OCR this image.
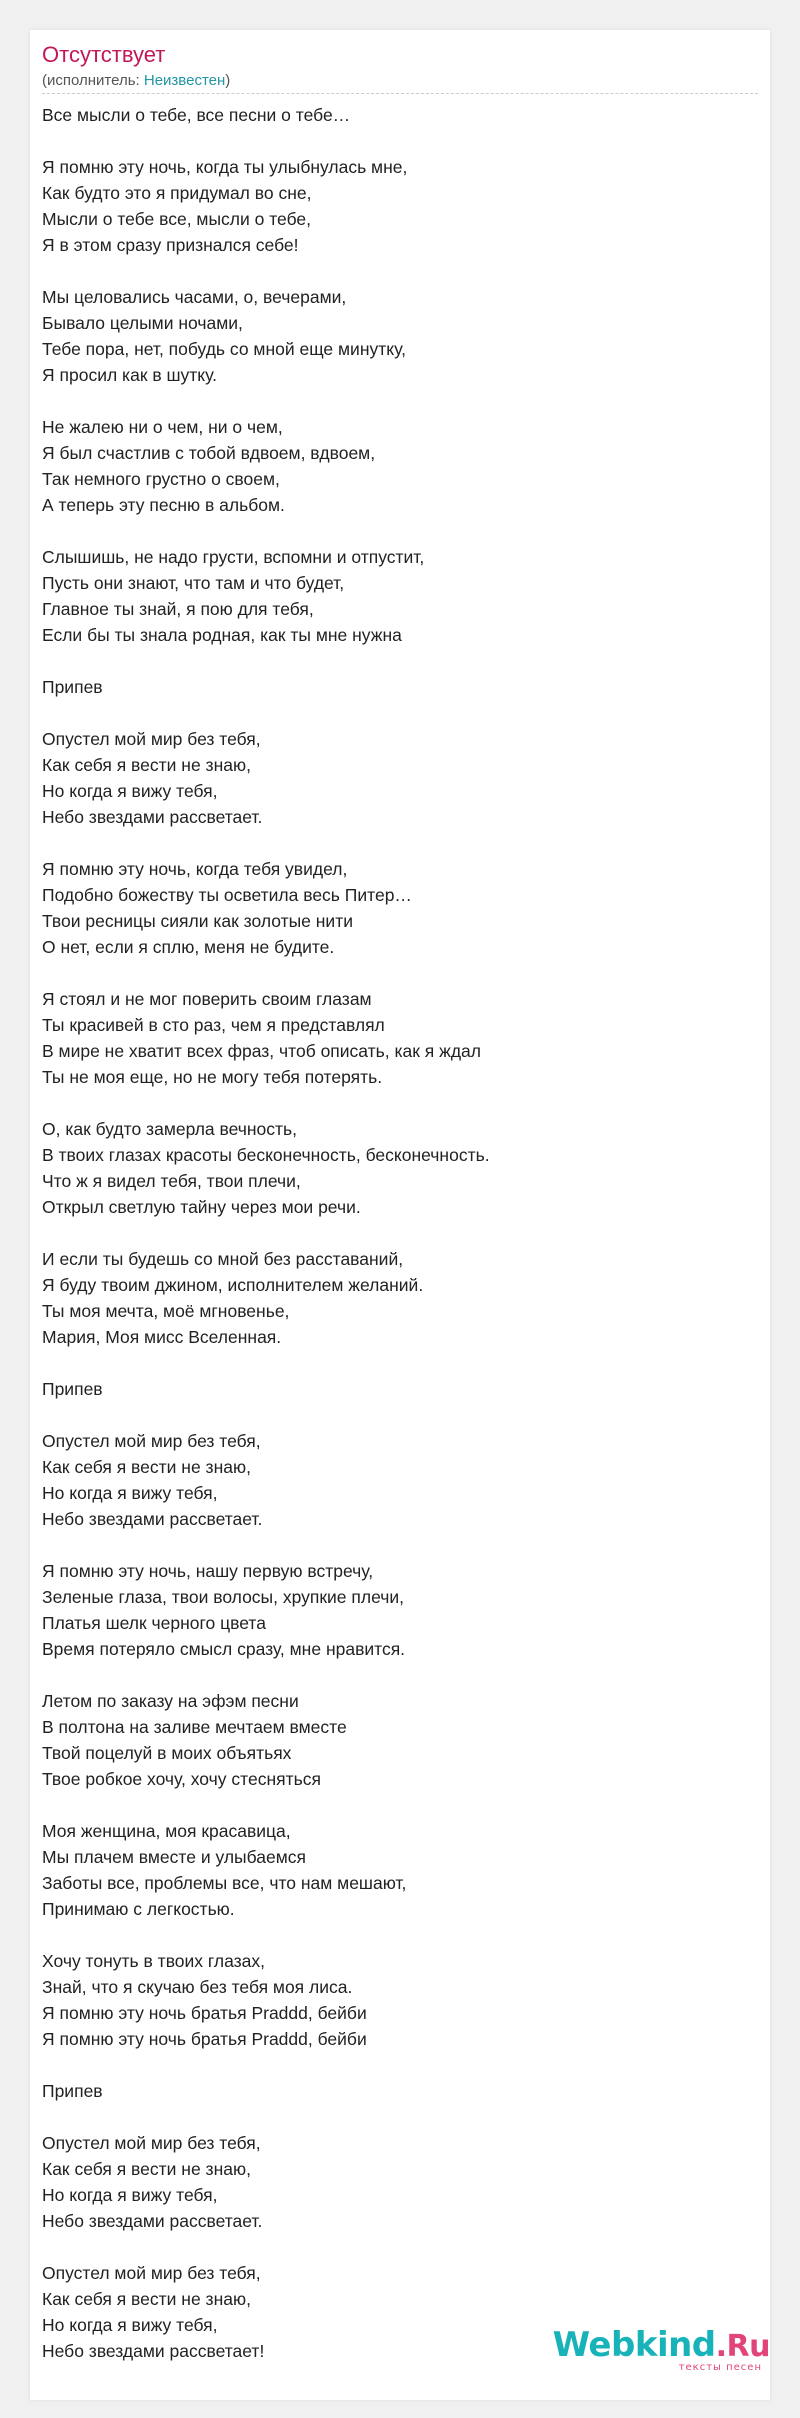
Отсутствует
(исполнитель: Неизвестен)
Все мысли о тебе, все песни о тебе…

Я помню эту ночь, когда ты улыбнулась мне,
Как будто это я придумал во сне,
Мысли о тебе все, мысли о тебе,
Я в этом сразу признался себе!

Мы целовались часами, о, вечерами,
Бывало целыми ночами,
Тебе пора, нет, побудь со мной еще минутку,
Я просил как в шутку.

Не жалею ни о чем, ни о чем,
Я был счастлив с тобой вдвоем, вдвоем,
Так немного грустно о своем,
А теперь эту песню в альбом.

Слышишь, не надо грусти, вспомни и отпустит,
Пусть они знают, что там и что будет,
Главное ты знай, я пою для тебя,
Если бы ты знала родная, как ты мне нужна

Припев

Опустел мой мир без тебя,
Как себя я вести не знаю,
Но когда я вижу тебя,
Небо звездами рассветает.

Я помню эту ночь, когда тебя увидел,
Подобно божеству ты осветила весь Питер…
Твои ресницы сияли как золотые нити
О нет, если я сплю, меня не будите.

Я стоял и не мог поверить своим глазам
Ты красивей в сто раз, чем я представлял
В мире не хватит всех фраз, чтоб описать, как я ждал
Ты не моя еще, но не могу тебя потерять.

О, как будто замерла вечность,
В твоих глазах красоты бесконечность, бесконечность.
Что ж я видел тебя, твои плечи,
Открыл светлую тайну через мои речи.

И если ты будешь со мной без расставаний,
Я буду твоим джином, исполнителем желаний.
Ты моя мечта, моё мгновенье,
Мария, Моя мисс Вселенная.

Припев

Опустел мой мир без тебя,
Как себя я вести не знаю,
Но когда я вижу тебя,
Небо звездами рассветает.

Я помню эту ночь, нашу первую встречу,
Зеленые глаза, твои волосы, хрупкие плечи,
Платья шелк черного цвета
Время потеряло смысл сразу, мне нравится.

Летом по заказу на эфэм песни
В полтона на заливе мечтаем вместе
Твой поцелуй в моих объятьях
Твое робкое хочу, хочу стесняться

Моя женщина, моя красавица,
Мы плачем вместе и улыбаемся
Заботы все, проблемы все, что нам мешают,
Принимаю с легкостью.

Хочу тонуть в твоих глазах,
Знай, что я скучаю без тебя моя лиса.
Я помню эту ночь братья Praddd, бейби
Я помню эту ночь братья Praddd, бейби

Припев

Опустел мой мир без тебя,
Как себя я вести не знаю,
Но когда я вижу тебя,
Небо звездами рассветает.

Опустел мой мир без тебя,
Как себя я вести не знаю,
Но когда я вижу тебя,
Небо звездами рассветает!	Webkind.Ru
тексты песен
